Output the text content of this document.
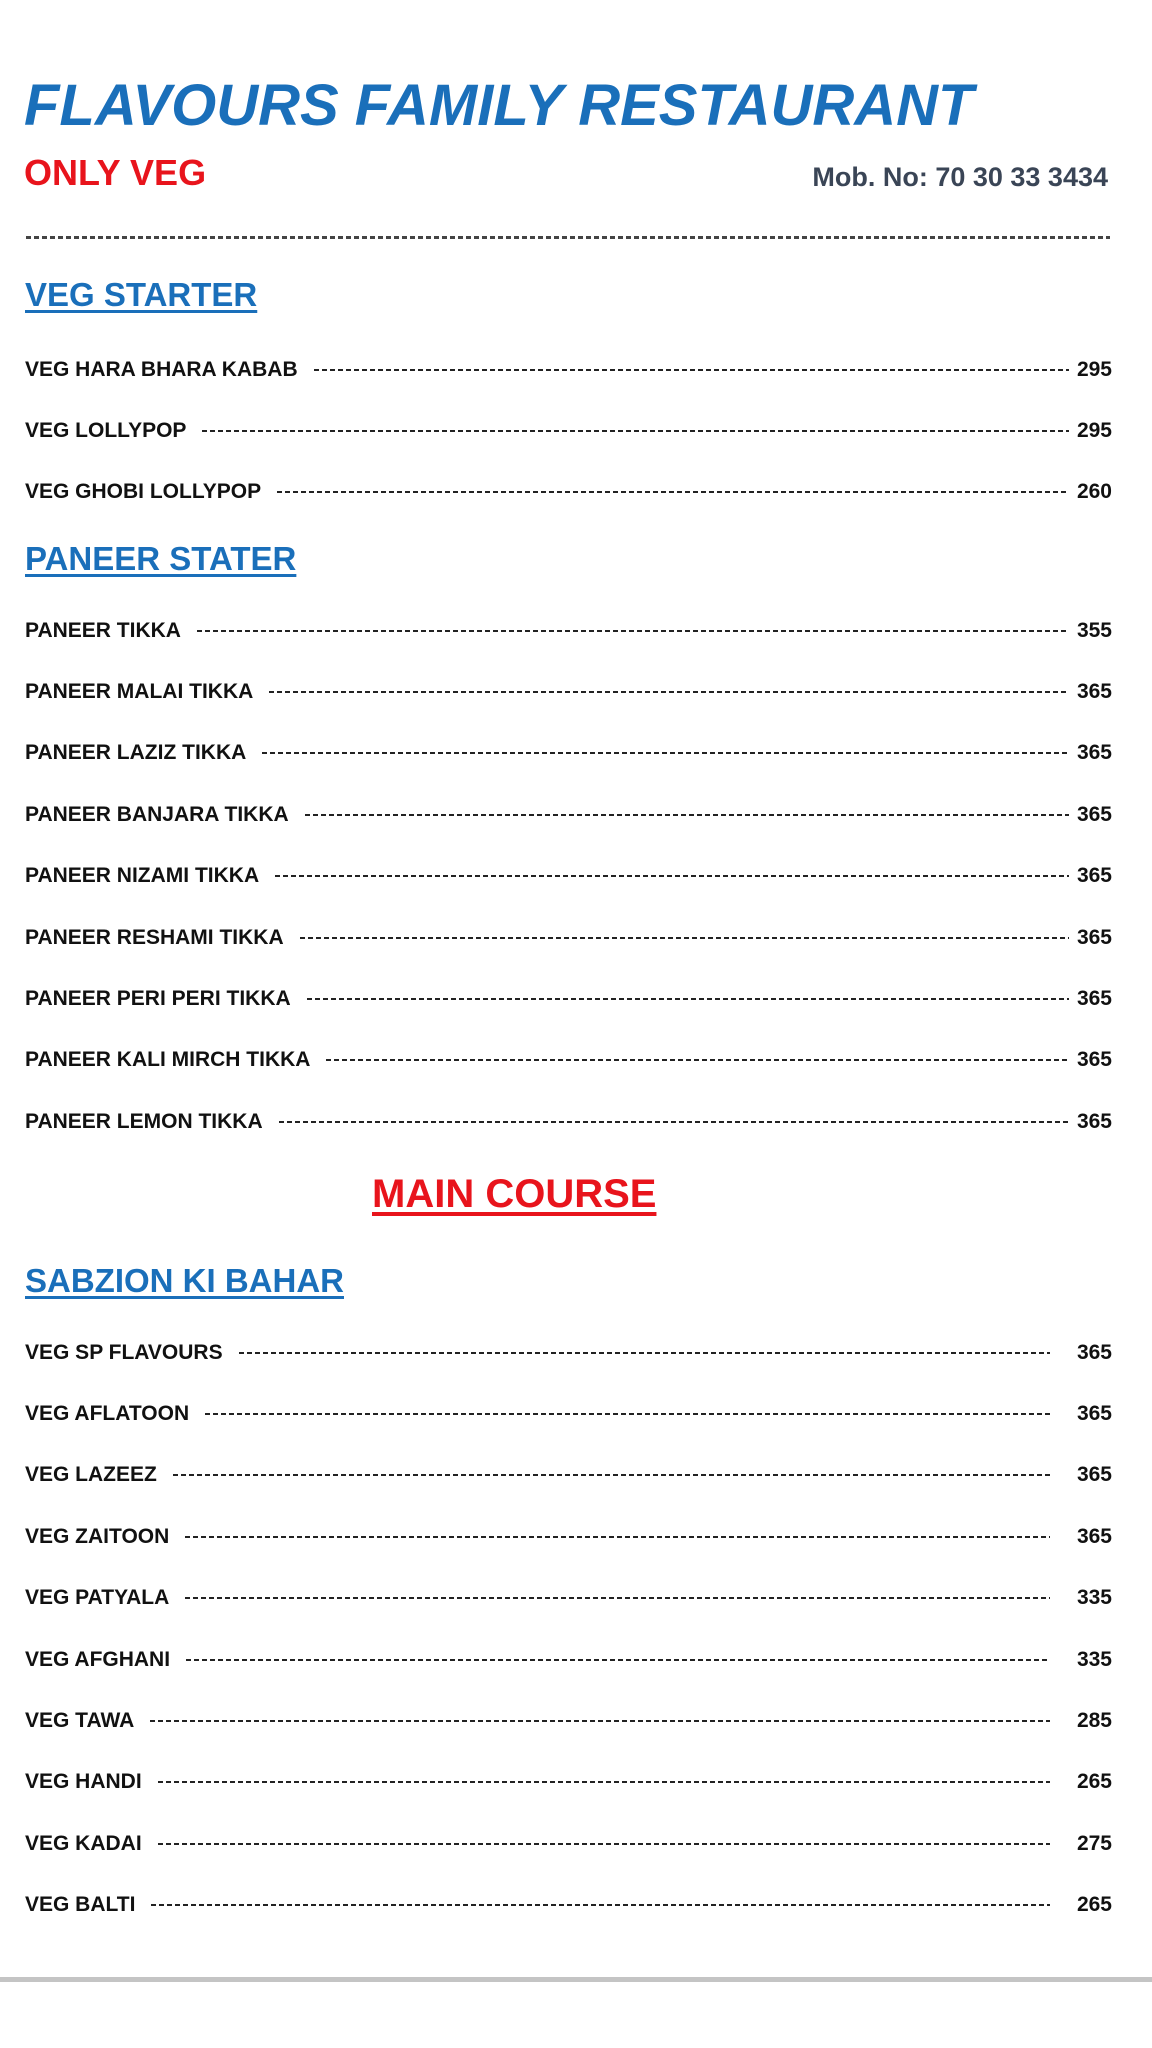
FLAVOURS FAMILY RESTAURANT
ONLY VEG	Mob. No: 70 30 33 3434
VEG STARTER
VEG HARA BHARA KABAB	295
VEG LOLLYPOP	295
VEG GHOBI LOLLYPOP	260
PANEER STATER
PANEER TIKKA	355
PANEER MALAI TIKKA	365
PANEER LAZIZ TIKKA	365
PANEER BANJARA TIKKA	365
PANEER NIZAMI TIKKA	365
PANEER RESHAMI TIKKA	365
PANEER PERI PERI TIKKA	365
PANEER KALI MIRCH TIKKA	365
PANEER LEMON TIKKA	365
MAIN COURSE
SABZION KI BAHAR
VEG SP FLAVOURS	365
VEG AFLATOON	365
VEG LAZEEZ	365
VEG ZAITOON	365
VEG PATYALA	335
VEG AFGHANI	335
VEG TAWA	285
VEG HANDI	265
VEG KADAI	275
VEG BALTI	265
